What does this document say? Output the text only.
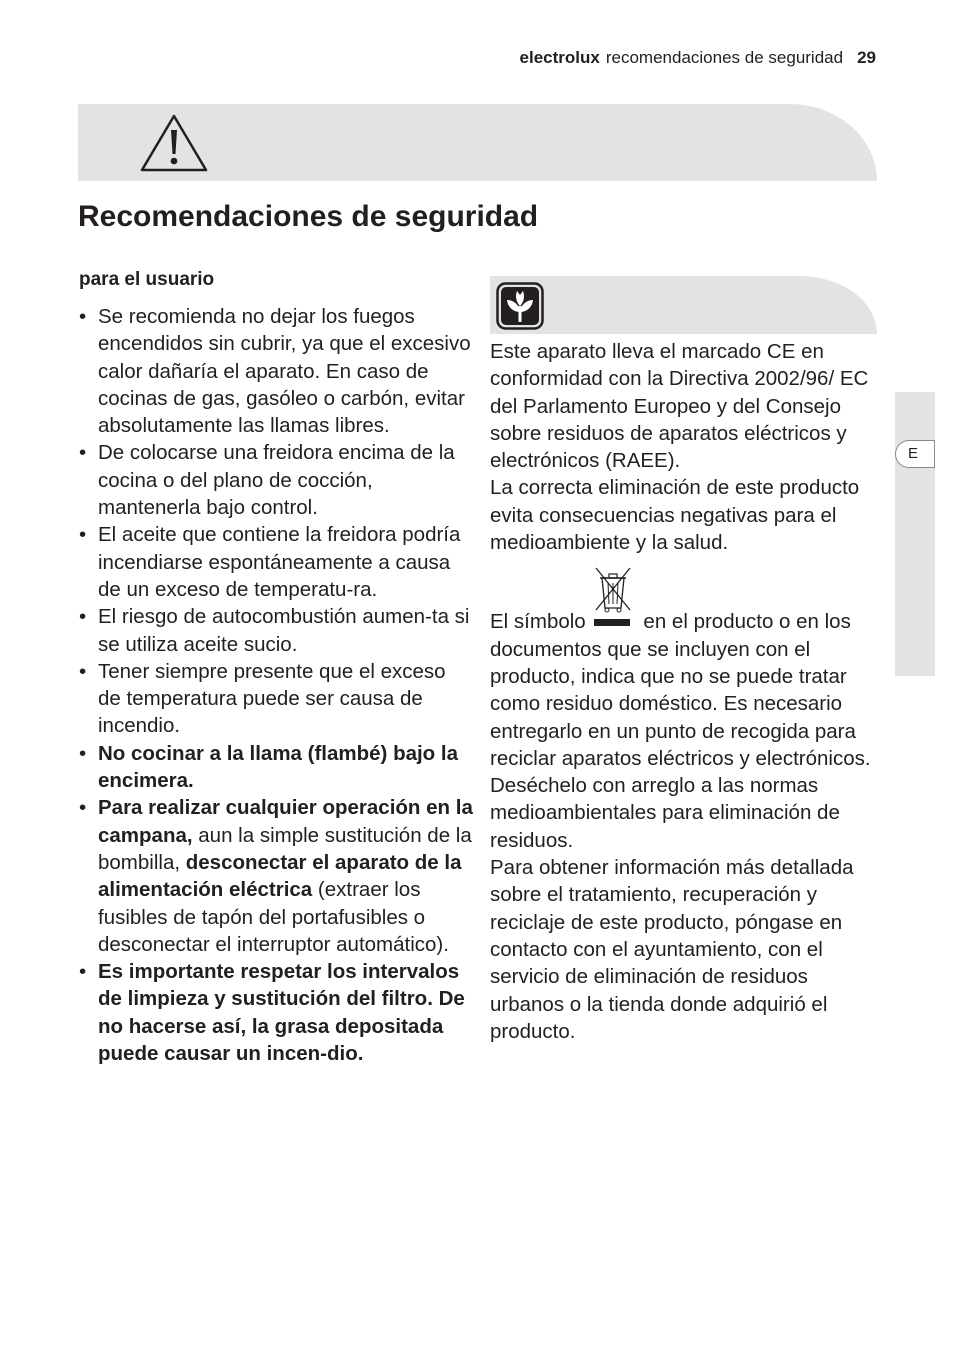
electrolux recomendaciones de seguridad 29
Recomendaciones de seguridad
para el usuario
• Se recomienda no dejar los fuegos encendidos sin cubrir, ya que el excesivo calor dañaría el aparato. En caso de cocinas de gas, gasóleo o carbón, evitar absolutamente las llamas libres.
• De colocarse una freidora encima de la cocina o del plano de cocción, mantenerla bajo control.
• El aceite que contiene la freidora podría incendiarse espontáneamente a causa de un exceso de temperatu-ra.
• El riesgo de autocombustión aumen-ta si se utiliza aceite sucio.
• Tener siempre presente que el exceso de temperatura puede ser causa de incendio.
• No cocinar a la llama (flambé) bajo la encimera.
• Para realizar cualquier operación en la campana, aun la simple sustitución de la bombilla, desconectar el aparato de la alimentación eléctrica (extraer los fusibles de tapón del portafusibles o desconectar el interruptor automático).
• Es importante respetar los intervalos de limpieza y sustitución del filtro. De no hacerse así, la grasa depositada puede causar un incen-dio.

Este aparato lleva el marcado CE en conformidad con la Directiva 2002/96/ EC del Parlamento Europeo y del Consejo sobre residuos de aparatos eléctricos y electrónicos (RAEE).

La correcta eliminación de este producto evita consecuencias negativas para el medioambiente y la salud.

El símbolo	en el producto o en los documentos que se incluyen con el producto, indica que no se puede tratar como residuo doméstico. Es necesario entregarlo en un punto de recogida para reciclar aparatos eléctricos y electrónicos.

Deséchelo con arreglo a las normas medioambientales para eliminación de residuos.

Para obtener información más detallada sobre el tratamiento, recuperación y reciclaje de este producto, póngase en contacto con el ayuntamiento, con el servicio de eliminación de residuos urbanos o la tienda donde adquirió el producto.

E
